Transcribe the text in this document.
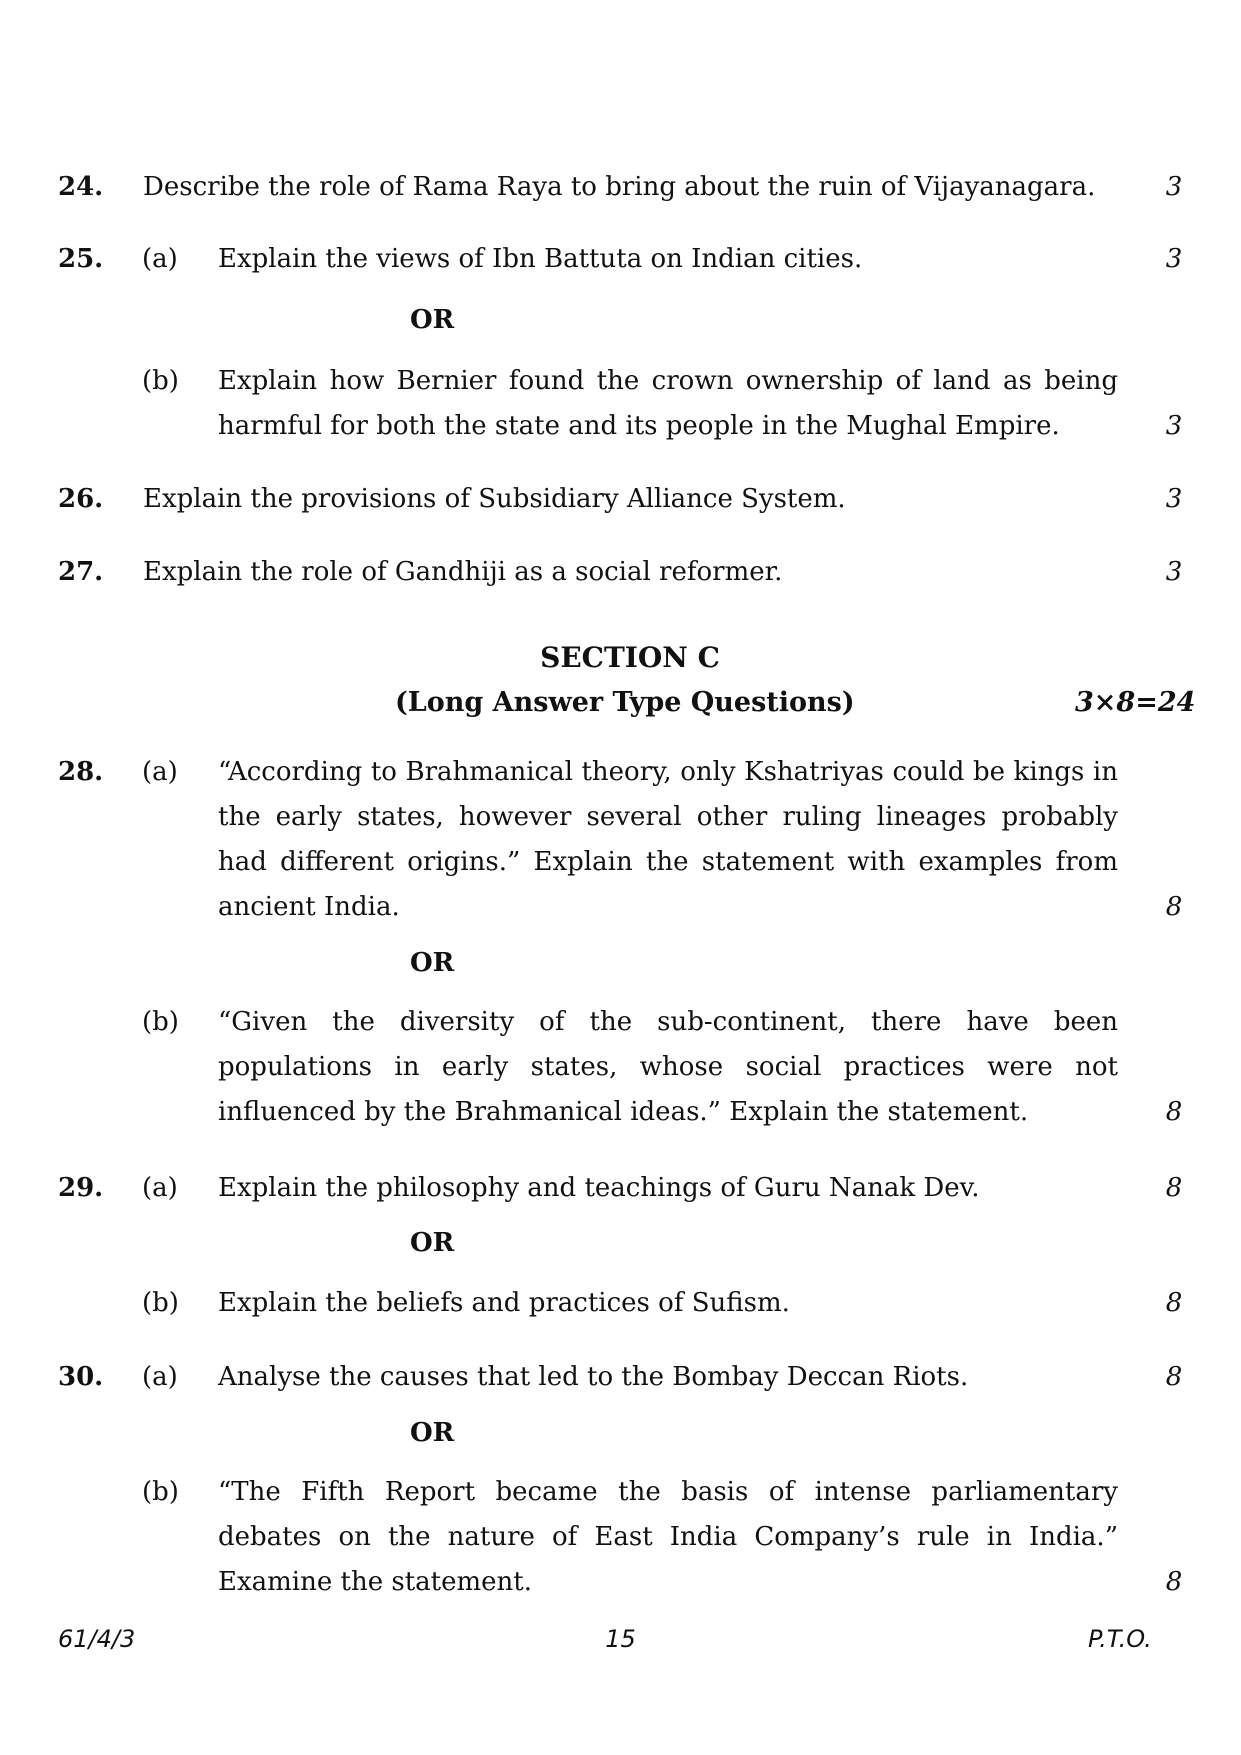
24. Describe the role of Rama Raya to bring about the ruin of Vijayanagara.	3
25. (a) Explain the views of Ibn Battuta on Indian cities.	3
OR
(b) Explain how Bernier found the crown ownership of land as being harmful for both the state and its people in the Mughal Empire.	3
26. Explain the provisions of Subsidiary Alliance System.	3
27. Explain the role of Gandhiji as a social reformer.	3
SECTION C
(Long Answer Type Questions)	3×8=24
28. (a) “According to Brahmanical theory, only Kshatriyas could be kings in the early states, however several other ruling lineages probably had different origins.” Explain the statement with examples from ancient India.	8
OR
(b) “Given the diversity of the sub-continent, there have been populations in early states, whose social practices were not influenced by the Brahmanical ideas.” Explain the statement.	8
29. (a) Explain the philosophy and teachings of Guru Nanak Dev.	8
OR
(b) Explain the beliefs and practices of Sufism.	8
30. (a) Analyse the causes that led to the Bombay Deccan Riots.	8
OR
(b) “The Fifth Report became the basis of intense parliamentary debates on the nature of East India Company’s rule in India.” Examine the statement.	8
61/4/3	15	P.T.O.
